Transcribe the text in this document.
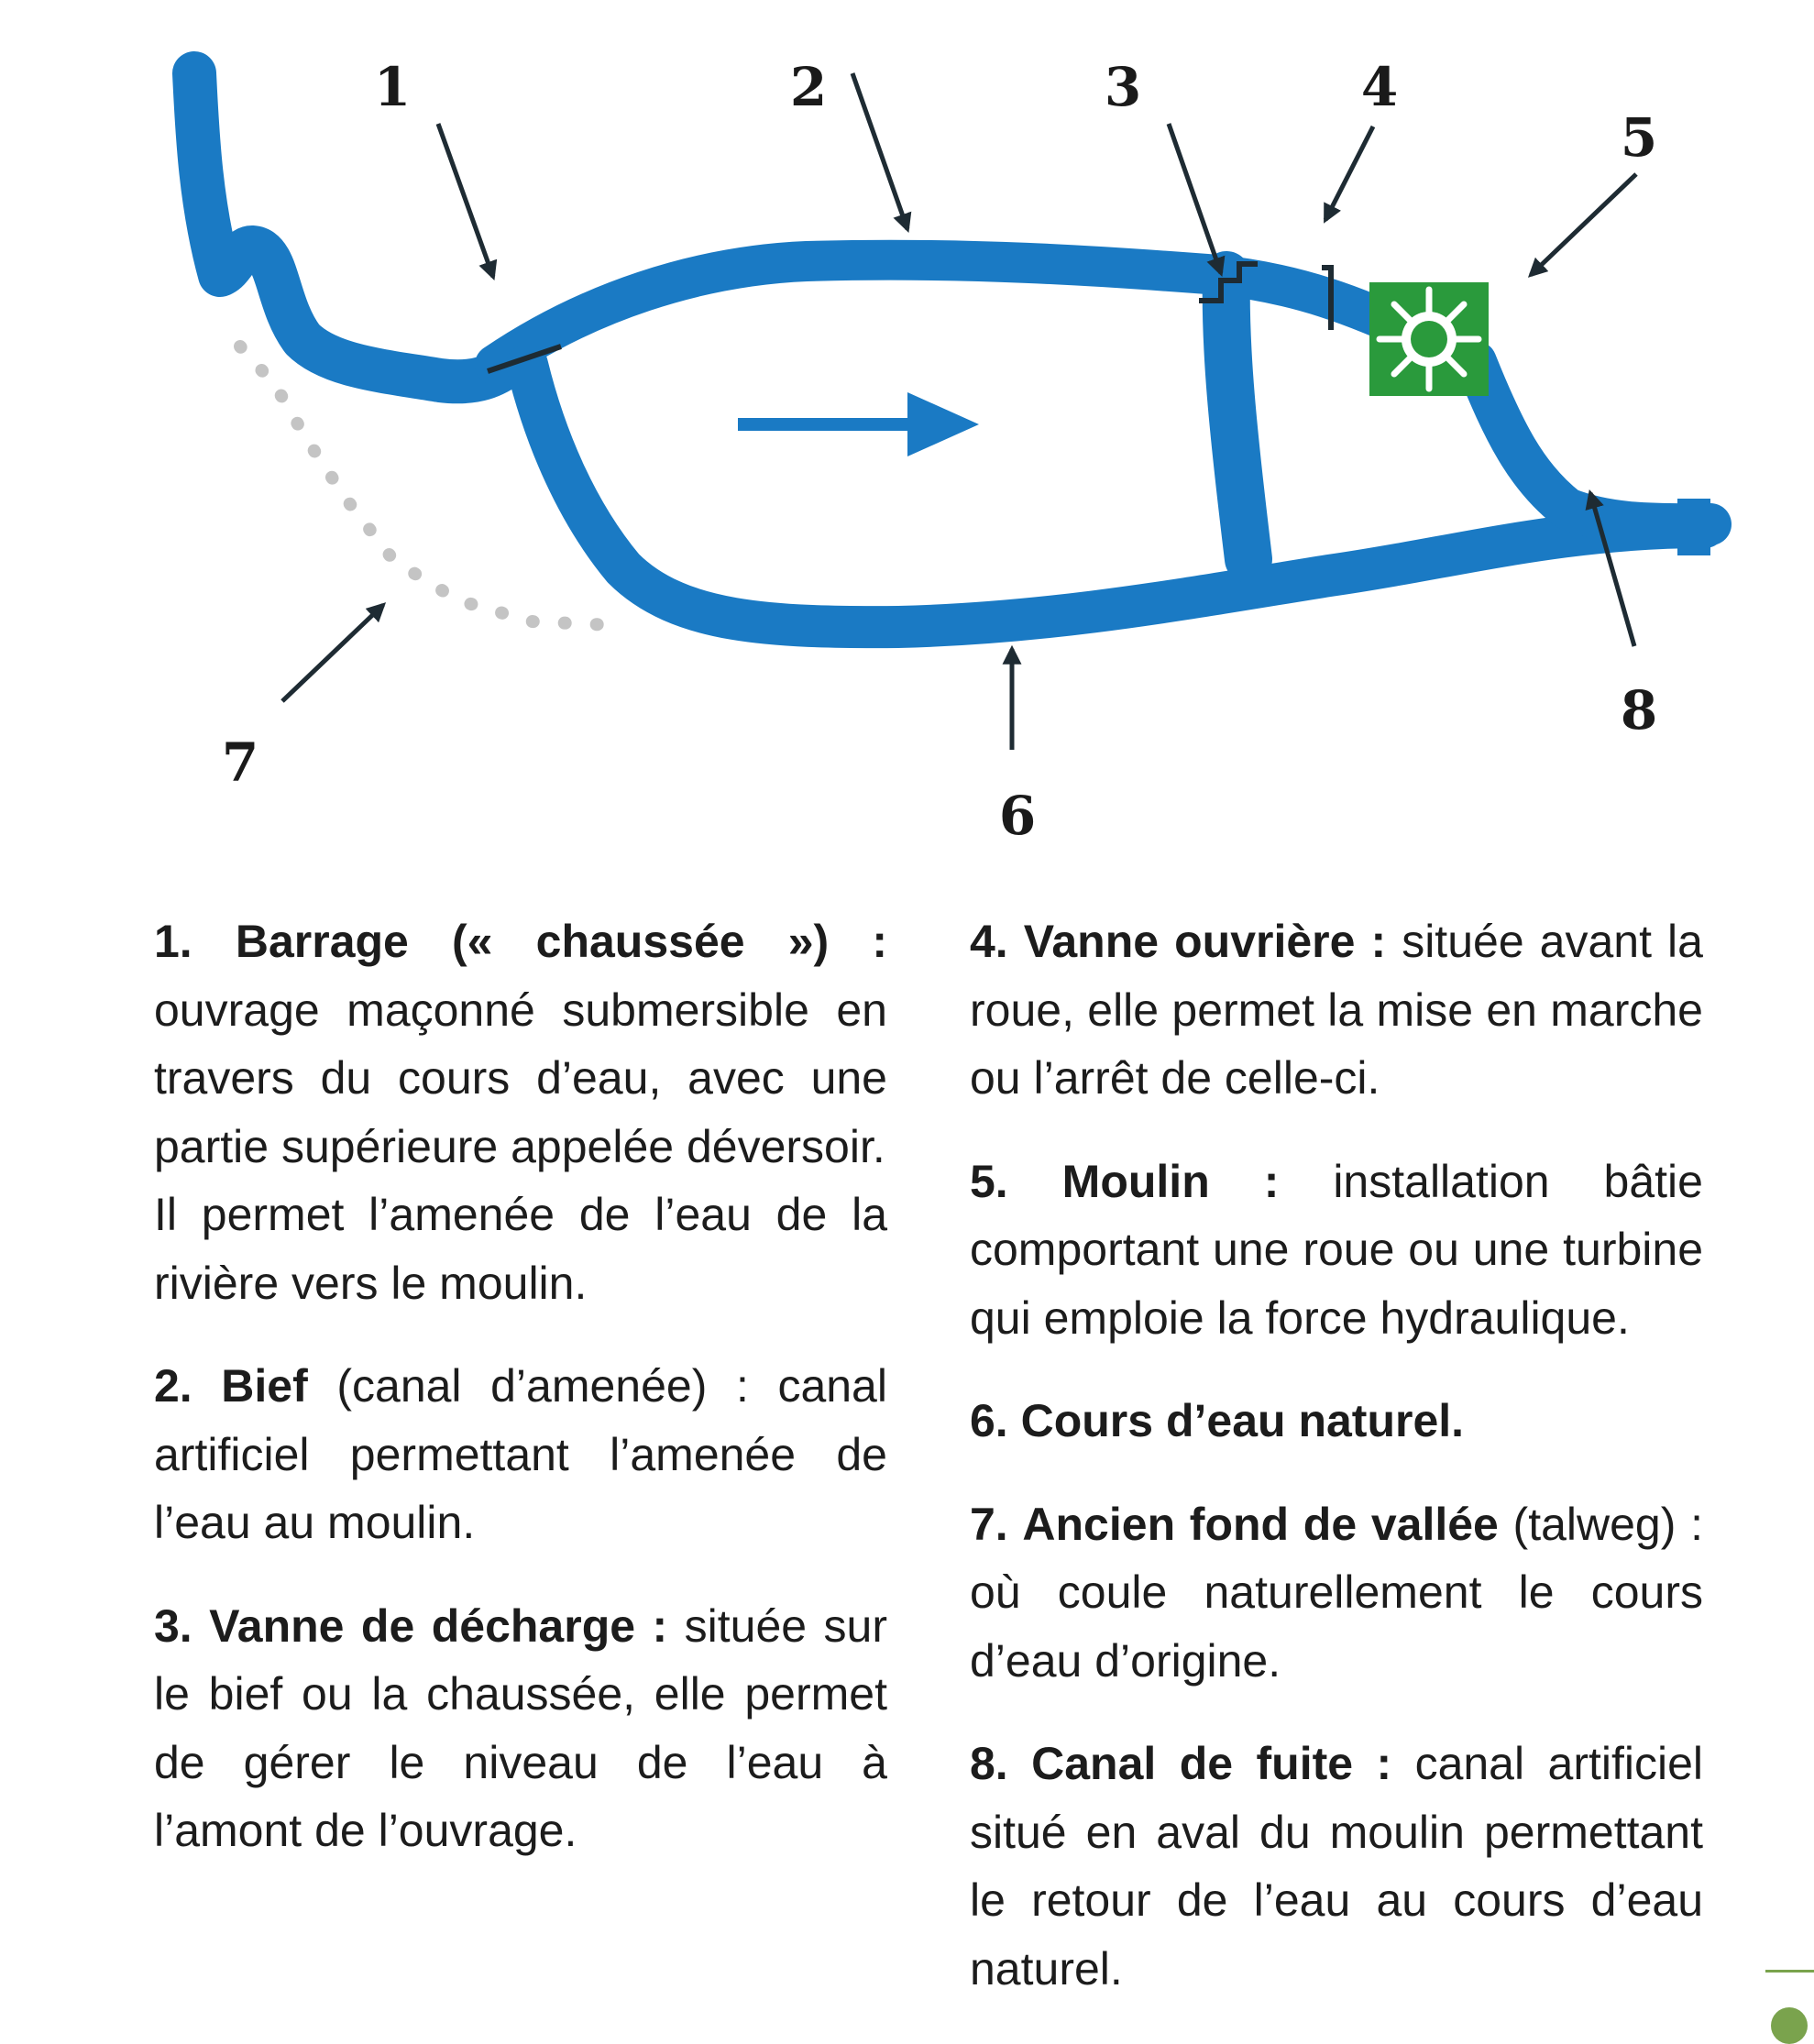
1	2	3	4
5
6
7
8
1. Barrage (« chaussée ») : ouvrage maçonné submersible en travers du cours d’eau, avec une partie supérieure appelée déversoir.
Il permet l’amenée de l’eau de la rivière vers le moulin.
2. Bief (canal d’amenée) : canal artificiel permettant l’amenée de l’eau au moulin.
3. Vanne de décharge : située sur le bief ou la chaussée, elle permet de gérer le niveau de l’eau à l’amont de l’ouvrage.
4. Vanne ouvrière : située avant la roue, elle permet la mise en marche ou l’arrêt de celle-ci.
5. Moulin : installation bâtie comportant une roue ou une turbine qui emploie la force hydraulique.
6. Cours d’eau naturel.
7. Ancien fond de vallée (talweg) : où coule naturellement le cours d’eau d’origine.
8. Canal de fuite : canal artificiel situé en aval du moulin permettant le retour de l’eau au cours d’eau naturel.
